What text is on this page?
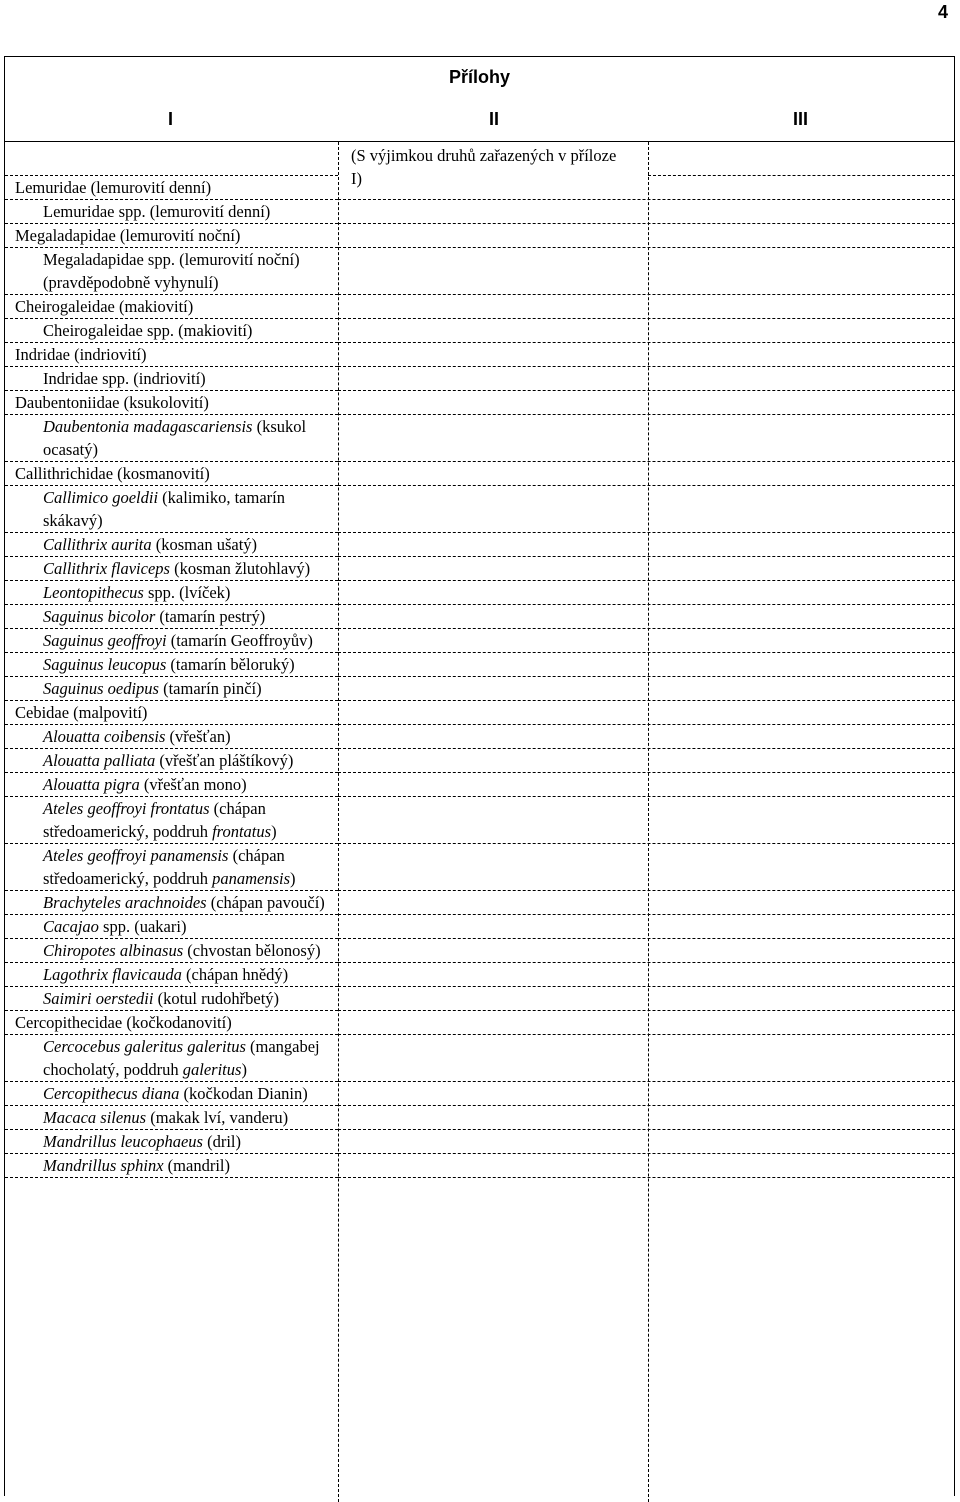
4
Přílohy
I	II	III
(S výjimkou druhů zařazených v příloze I)
Lemuridae (lemurovití denní)
Lemuridae spp. (lemurovití denní)
Megaladapidae (lemurovití noční)
Megaladapidae spp. (lemurovití noční) (pravděpodobně vyhynulí)
Cheirogaleidae (makiovití)
Cheirogaleidae spp. (makiovití)
Indridae (indriovití)
Indridae spp. (indriovití)
Daubentoniidae (ksukolovití)
Daubentonia madagascariensis (ksukol ocasatý)
Callithrichidae (kosmanovití)
Callimico goeldii (kalimiko, tamarín skákavý)
Callithrix aurita (kosman ušatý)
Callithrix flaviceps (kosman žlutohlavý)
Leontopithecus spp. (lvíček)
Saguinus bicolor (tamarín pestrý)
Saguinus geoffroyi (tamarín Geoffroyův)
Saguinus leucopus (tamarín běloruký)
Saguinus oedipus (tamarín pinčí)
Cebidae (malpovití)
Alouatta coibensis (vřešťan)
Alouatta palliata (vřešťan pláštíkový)
Alouatta pigra (vřešťan mono)
Ateles geoffroyi frontatus (chápan středoamerický, poddruh frontatus)
Ateles geoffroyi panamensis (chápan středoamerický, poddruh panamensis)
Brachyteles arachnoides (chápan pavoučí)
Cacajao spp. (uakari)
Chiropotes albinasus (chvostan bělonosý)
Lagothrix flavicauda (chápan hnědý)
Saimiri oerstedii (kotul rudohřbetý)
Cercopithecidae (kočkodanovití)
Cercocebus galeritus galeritus (mangabej chocholatý, poddruh galeritus)
Cercopithecus diana (kočkodan Dianin)
Macaca silenus (makak lví, vanderu)
Mandrillus leucophaeus (dril)
Mandrillus sphinx (mandril)
